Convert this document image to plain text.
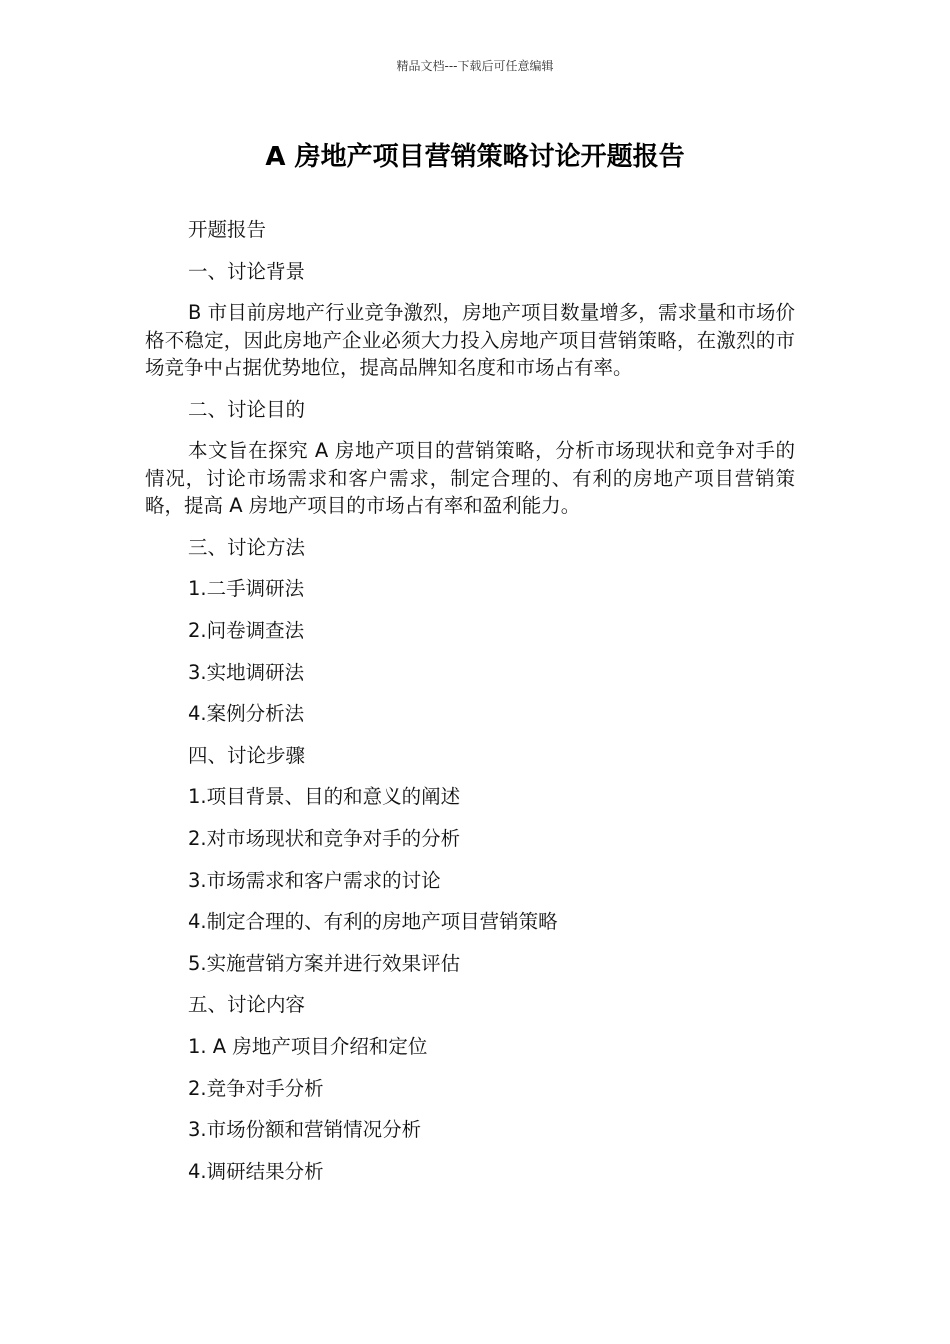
精品文档---下载后可任意编辑
A 房地产项目营销策略讨论开题报告

开题报告

一、讨论背景

B 市目前房地产行业竞争激烈，房地产项目数量增多，需求量和市场价格不稳定，因此房地产企业必须大力投入房地产项目营销策略，在激烈的市场竞争中占据优势地位，提高品牌知名度和市场占有率。

二、讨论目的

本文旨在探究 A 房地产项目的营销策略，分析市场现状和竞争对手的情况，讨论市场需求和客户需求，制定合理的、有利的房地产项目营销策略，提高 A 房地产项目的市场占有率和盈利能力。

三、讨论方法

1.二手调研法

2.问卷调查法

3.实地调研法

4.案例分析法

四、讨论步骤

1.项目背景、目的和意义的阐述

2.对市场现状和竞争对手的分析

3.市场需求和客户需求的讨论

4.制定合理的、有利的房地产项目营销策略

5.实施营销方案并进行效果评估

五、讨论内容

1. A 房地产项目介绍和定位

2.竞争对手分析

3.市场份额和营销情况分析

4.调研结果分析
